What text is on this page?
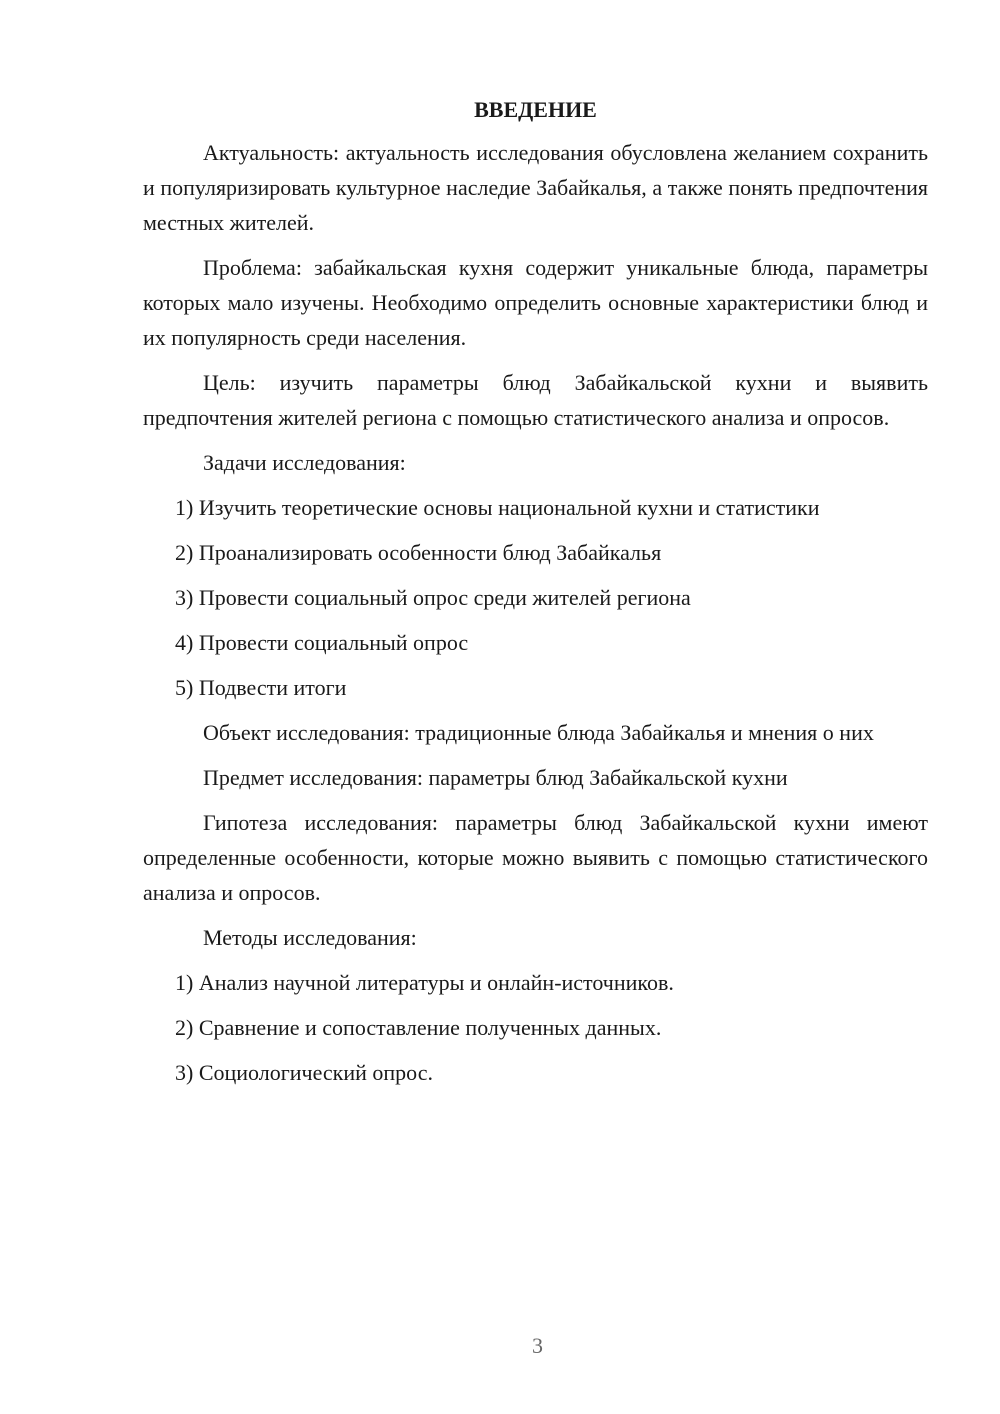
ВВЕДЕНИЕ

Актуальность: актуальность исследования обусловлена желанием сохранить и популяризировать культурное наследие Забайкалья, а также понять предпочтения местных жителей.

Проблема: забайкальская кухня содержит уникальные блюда, параметры которых мало изучены. Необходимо определить основные характеристики блюд и их популярность среди населения.

Цель: изучить параметры блюд Забайкальской кухни и выявить предпочтения жителей региона с помощью статистического анализа и опросов.

Задачи исследования:

1) Изучить теоретические основы национальной кухни и статистики
2) Проанализировать особенности блюд Забайкалья
3) Провести социальный опрос среди жителей региона
4) Провести социальный опрос
5) Подвести итоги

Объект исследования: традиционные блюда Забайкалья и мнения о них

Предмет исследования: параметры блюд Забайкальской кухни

Гипотеза исследования: параметры блюд Забайкальской кухни имеют определенные особенности, которые можно выявить с помощью статистического анализа и опросов.

Методы исследования:

1) Анализ научной литературы и онлайн-источников.
2) Сравнение и сопоставление полученных данных.
3) Социологический опрос.
3
